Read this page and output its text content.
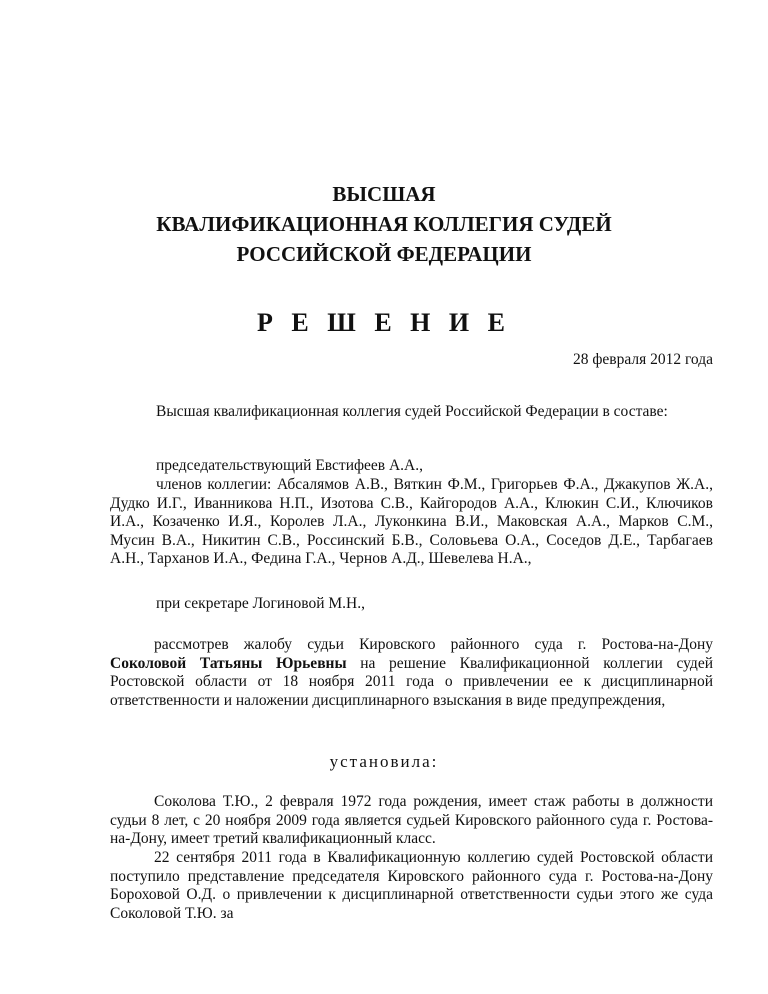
ВЫСШАЯ
КВАЛИФИКАЦИОННАЯ КОЛЛЕГИЯ СУДЕЙ
РОССИЙСКОЙ ФЕДЕРАЦИИ
Р Е Ш Е Н И Е
28 февраля 2012 года
Высшая квалификационная коллегия судей Российской Федерации в составе:
председательствующий Евстифеев А.А.,
членов коллегии: Абсалямов А.В., Вяткин Ф.М., Григорьев Ф.А., Джакупов Ж.А., Дудко И.Г., Иванникова Н.П., Изотова С.В., Кайгородов А.А., Клюкин С.И., Ключиков И.А., Козаченко И.Я., Королев Л.А., Луконкина В.И., Маковская А.А., Марков С.М., Мусин В.А., Никитин С.В., Россинский Б.В., Соловьева О.А., Соседов Д.Е., Тарбагаев А.Н., Тарханов И.А., Федина Г.А., Чернов А.Д., Шевелева Н.А.,
при секретаре Логиновой М.Н.,
рассмотрев жалобу судьи Кировского районного суда г. Ростова-на-Дону Соколовой Татьяны Юрьевны на решение Квалификационной коллегии судей Ростовской области от 18 ноября 2011 года о привлечении ее к дисциплинарной ответственности и наложении дисциплинарного взыскания в виде предупреждения,
установила:
Соколова Т.Ю., 2 февраля 1972 года рождения, имеет стаж работы в должности судьи 8 лет, с 20 ноября 2009 года является судьей Кировского районного суда г. Ростова-на-Дону, имеет третий квалификационный класс.
22 сентября 2011 года в Квалификационную коллегию судей Ростовской области поступило представление председателя Кировского районного суда г. Ростова-на-Дону Бороховой О.Д. о привлечении к дисциплинарной ответственности судьи этого же суда Соколовой Т.Ю. за
